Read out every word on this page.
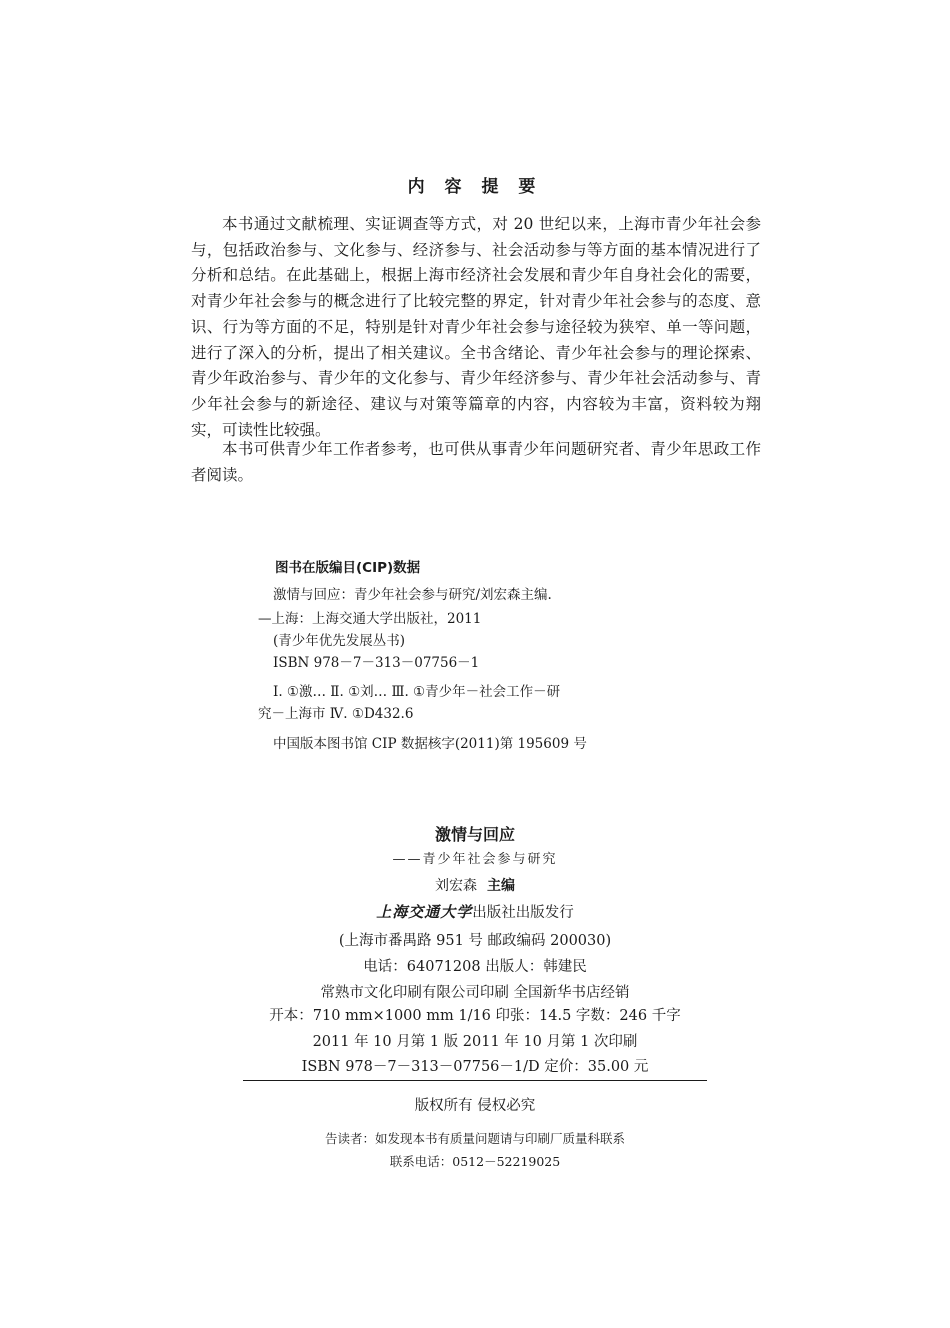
内 容 提 要

本书通过文献梳理、实证调查等方式，对 20 世纪以来，上海市青少年社会参与，包括政治参与、文化参与、经济参与、社会活动参与等方面的基本情况进行了分析和总结。在此基础上，根据上海市经济社会发展和青少年自身社会化的需要，对青少年社会参与的概念进行了比较完整的界定，针对青少年社会参与的态度、意识、行为等方面的不足，特别是针对青少年社会参与途径较为狭窄、单一等问题，进行了深入的分析，提出了相关建议。全书含绪论、青少年社会参与的理论探索、青少年政治参与、青少年的文化参与、青少年经济参与、青少年社会活动参与、青少年社会参与的新途径、建议与对策等篇章的内容，内容较为丰富，资料较为翔实，可读性比较强。

本书可供青少年工作者参考，也可供从事青少年问题研究者、青少年思政工作者阅读。

图书在版编目(CIP)数据
激情与回应：青少年社会参与研究/刘宏森主编.
—上海：上海交通大学出版社，2011
(青少年优先发展丛书)
ISBN 978－7－313－07756－1
Ⅰ. ①激… Ⅱ. ①刘… Ⅲ. ①青少年－社会工作－研
究－上海市 Ⅳ. ①D432.6
中国版本图书馆 CIP 数据核字(2011)第 195609 号
激情与回应
——青少年社会参与研究
刘宏森 主编
上海交通大学出版社出版发行
(上海市番禺路 951 号 邮政编码 200030)
电话：64071208 出版人：韩建民
常熟市文化印刷有限公司印刷 全国新华书店经销
开本：710 mm×1000 mm 1/16 印张：14.5 字数：246 千字
2011 年 10 月第 1 版 2011 年 10 月第 1 次印刷
ISBN 978－7－313－07756－1/D 定价：35.00 元
版权所有 侵权必究
告读者：如发现本书有质量问题请与印刷厂质量科联系
联系电话：0512－52219025
